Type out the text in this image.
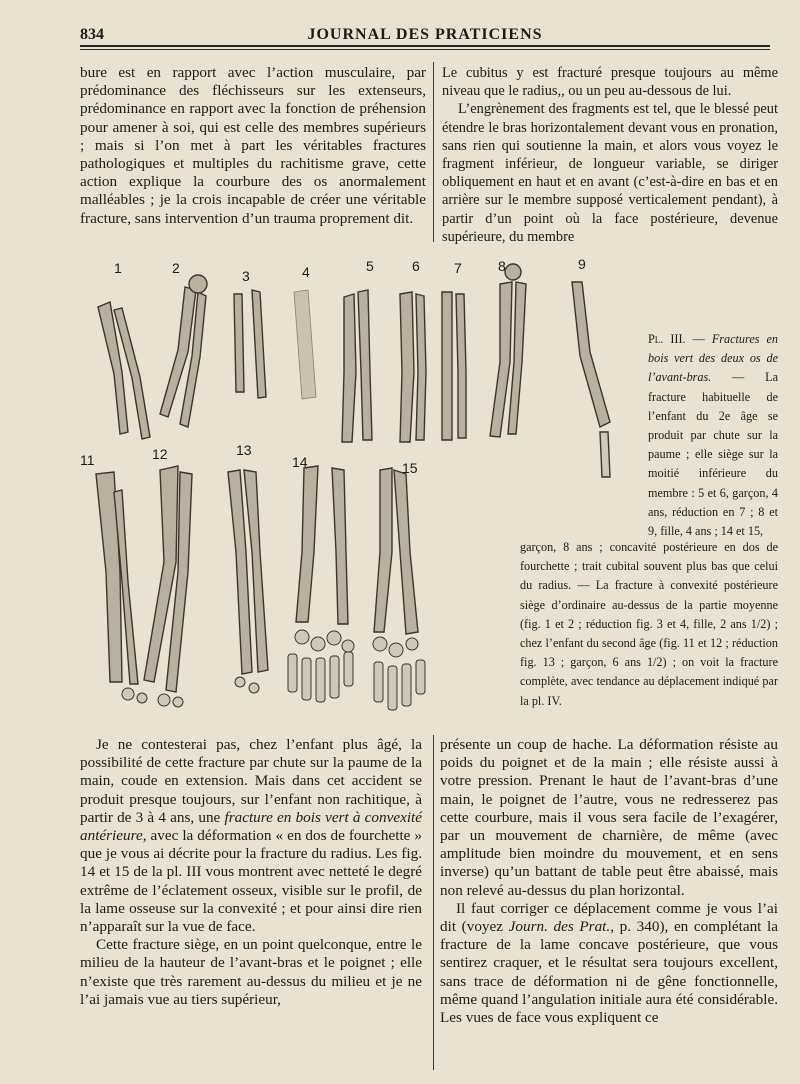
834	JOURNAL DES PRATICIENS

bure est en rapport avec l’action musculaire, par prédominance des fléchisseurs sur les extenseurs, prédominance en rapport avec la fonction de préhension pour amener à soi, qui est celle des membres supérieurs ; mais si l’on met à part les véritables fractures pathologiques et multiples du rachitisme grave, cette action explique la courbure des os anormalement malléables ; je la crois incapable de créer une véritable fracture, sans intervention d’un trauma proprement dit.

Le cubitus y est fracturé presque toujours au même niveau que le radius,, ou un peu au-dessous de lui.

L’engrènement des fragments est tel, que le blessé peut étendre le bras horizontalement devant vous en pronation, sans rien qui soutienne la main, et alors vous voyez le fragment inférieur, de longueur variable, se diriger obliquement en haut et en avant (c’est-à-dire en bas et en arrière sur le membre supposé verticalement pendant), à partir d’un point où la face postérieure, devenue supérieure, du membre

1	2	3	4	5	6 7	8	9
11	12	13
14	15
Pl. III. — Fractures en bois vert des deux os de l’avant-bras. — La fracture habituelle de l’enfant du 2e âge se produit par chute sur la paume ; elle siège sur la moitié inférieure du membre : 5 et 6, garçon, 4 ans, réduction en 7 ; 8 et 9, fille, 4 ans ; 14 et 15,
garçon, 8 ans ; concavité postérieure en dos de fourchette ; trait cubital souvent plus bas que celui du radius. — La fracture à convexité postérieure siège d’ordinaire au-dessus de la partie moyenne (fig. 1 et 2 ; réduction fig. 3 et 4, fille, 2 ans 1/2) ; chez l’enfant du second âge (fig. 11 et 12 ; réduction fig. 13 ; garçon, 6 ans 1/2) ; on voit la fracture complète, avec tendance au déplacement indiqué par la pl. IV.

Je ne contesterai pas, chez l’enfant plus âgé, la possibilité de cette fracture par chute sur la paume de la main, coude en extension. Mais dans cet accident se produit presque toujours, sur l’enfant non rachitique, à partir de 3 à 4 ans, une fracture en bois vert à convexité antérieure, avec la déformation « en dos de fourchette » que je vous ai décrite pour la fracture du radius. Les fig. 14 et 15 de la pl. III vous montrent avec netteté le degré extrême de l’éclatement osseux, visible sur le profil, de la lame osseuse sur la convexité ; et pour ainsi dire rien n’apparaît sur la vue de face.

Cette fracture siège, en un point quelconque, entre le milieu de la hauteur de l’avant-bras et le poignet ; elle n’existe que très rarement au-dessus du milieu et je ne l’ai jamais vue au tiers supérieur,

présente un coup de hache. La déformation résiste au poids du poignet et de la main ; elle résiste aussi à votre pression. Prenant le haut de l’avant-bras d’une main, le poignet de l’autre, vous ne redresserez pas cette courbure, mais il vous sera facile de l’exagérer, par un mouvement de charnière, de même (avec amplitude bien moindre du mouvement, et en sens inverse) qu’un battant de table peut être abaissé, mais non relevé au-dessus du plan horizontal.

Il faut corriger ce déplacement comme je vous l’ai dit (voyez Journ. des Prat., p. 340), en complétant la fracture de la lame concave postérieure, que vous sentirez craquer, et le résultat sera toujours excellent, sans trace de déformation ni de gêne fonctionnelle, même quand l’angulation initiale aura été considérable. Les vues de face vous expliquent ce
